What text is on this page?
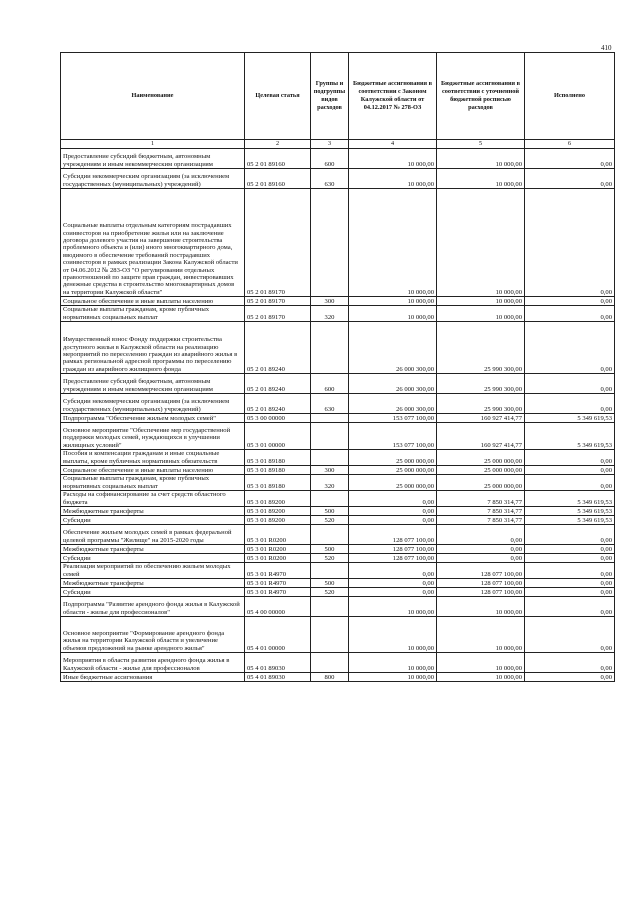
410
Наименование	Целевая статья	Группы и подгруппы видов расходов	Бюджетные ассигнования в соответствии с Законом Калужской области от 04.12.2017 № 278-ОЗ	Бюджетные ассигнования в соответствии с уточненной бюджетной росписью расходов	Исполнено
1	2	3	4	5	6
Предоставление субсидий бюджетным, автономным учреждениям и иным некоммерческим организациям	05 2 01 89160	600	10 000,00	10 000,00	0,00
Субсидии некоммерческим организациям (за исключением государственных (муниципальных) учреждений)	05 2 01 89160	630	10 000,00	10 000,00	0,00
Социальные выплаты отдельным категориям пострадавших соинвесторов на приобретение жилья или на заключение договора долевого участия на завершение строительства проблемного объекта и (или) иного многоквартирного дома, вводимого в обеспечение требований пострадавших соинвесторов в рамках реализации Закона Калужской области от 04.06.2012 № 283-ОЗ "О регулировании отдельных правоотношений по защите прав граждан, инвестировавших денежные средства в строительство многоквартирных домов на территории Калужской области"	05 2 01 89170		10 000,00	10 000,00	0,00
Социальное обеспечение и иные выплаты населению	05 2 01 89170	300	10 000,00	10 000,00	0,00
Социальные выплаты гражданам, кроме публичных нормативных социальных выплат	05 2 01 89170	320	10 000,00	10 000,00	0,00
Имущественный взнос Фонду поддержки строительства доступного жилья в Калужской области на реализацию мероприятий по переселению граждан из аварийного жилья в рамках региональной адресной программы по переселению граждан из аварийного жилищного фонда	05 2 01 89240		26 000 300,00	25 990 300,00	0,00
Предоставление субсидий бюджетным, автономным учреждениям и иным некоммерческим организациям	05 2 01 89240	600	26 000 300,00	25 990 300,00	0,00
Субсидии некоммерческим организациям (за исключением государственных (муниципальных) учреждений)	05 2 01 89240	630	26 000 300,00	25 990 300,00	0,00
Подпрограмма "Обеспечение жильем молодых семей"	05 3 00 00000		153 077 100,00	160 927 414,77	5 349 619,53
Основное мероприятие "Обеспечение мер государственной поддержки молодых семей, нуждающихся в улучшении жилищных условий"	05 3 01 00000		153 077 100,00	160 927 414,77	5 349 619,53
Пособия и компенсации гражданам и иные социальные выплаты, кроме публичных нормативных обязательств	05 3 01 89180		25 000 000,00	25 000 000,00	0,00
Социальное обеспечение и иные выплаты населению	05 3 01 89180	300	25 000 000,00	25 000 000,00	0,00
Социальные выплаты гражданам, кроме публичных нормативных социальных выплат	05 3 01 89180	320	25 000 000,00	25 000 000,00	0,00
Расходы на софинансирование за счет средств областного бюджета	05 3 01 89200		0,00	7 850 314,77	5 349 619,53
Межбюджетные трансферты	05 3 01 89200	500	0,00	7 850 314,77	5 349 619,53
Субсидии	05 3 01 89200	520	0,00	7 850 314,77	5 349 619,53
Обеспечение жильем молодых семей в рамках федеральной целевой программы "Жилище" на 2015-2020 годы	05 3 01 R0200		128 077 100,00	0,00	0,00
Межбюджетные трансферты	05 3 01 R0200	500	128 077 100,00	0,00	0,00
Субсидии	05 3 01 R0200	520	128 077 100,00	0,00	0,00
Реализация мероприятий по обеспечению жильем молодых семей	05 3 01 R4970		0,00	128 077 100,00	0,00
Межбюджетные трансферты	05 3 01 R4970	500	0,00	128 077 100,00	0,00
Субсидии	05 3 01 R4970	520	0,00	128 077 100,00	0,00
Подпрограмма "Развитие арендного фонда жилья в Калужской области - жилье для профессионалов"	05 4 00 00000		10 000,00	10 000,00	0,00
Основное мероприятие "Формирование арендного фонда жилья на территории Калужской области и увеличение объемов предложений на рынке арендного жилья"	05 4 01 00000		10 000,00	10 000,00	0,00
Мероприятия в области развития арендного фонда жилья в Калужской области - жилье для профессионалов	05 4 01 89030		10 000,00	10 000,00	0,00
Иные бюджетные ассигнования	05 4 01 89030	800	10 000,00	10 000,00	0,00
